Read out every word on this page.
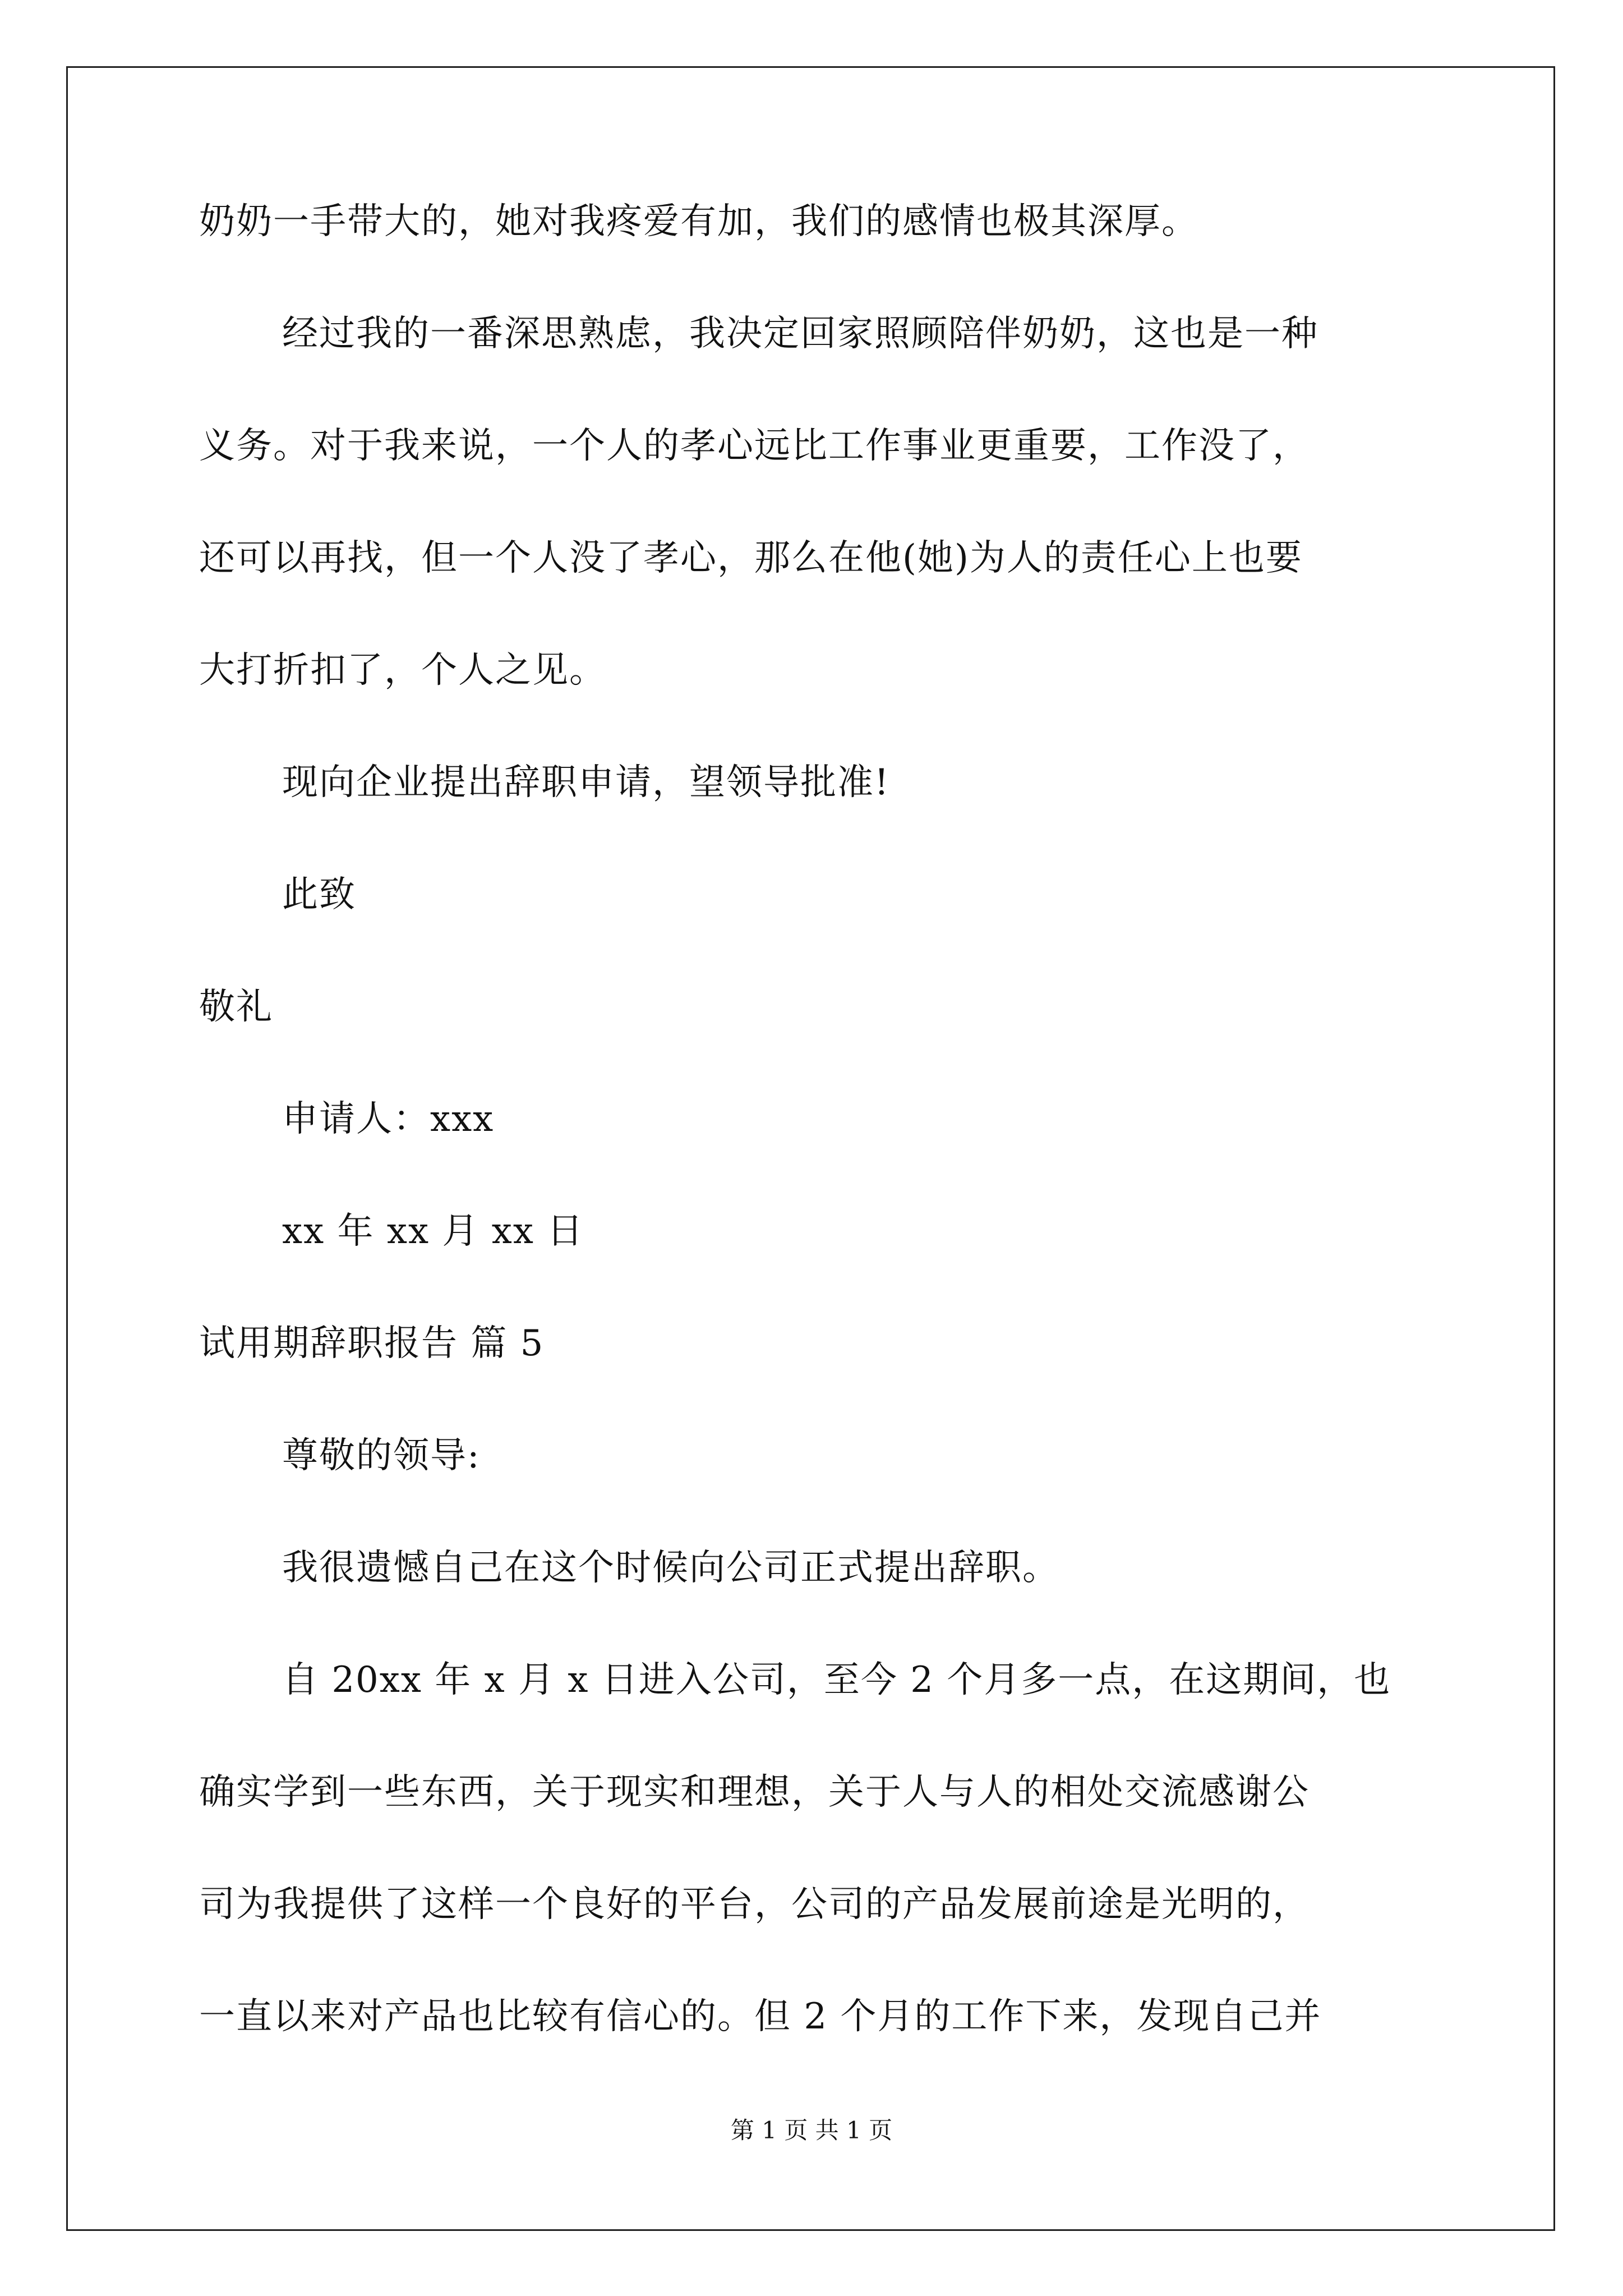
奶奶一手带大的，她对我疼爱有加，我们的感情也极其深厚。
经过我的一番深思熟虑，我决定回家照顾陪伴奶奶，这也是一种
义务。对于我来说，一个人的孝心远比工作事业更重要，工作没了，
还可以再找，但一个人没了孝心，那么在他(她)为人的责任心上也要
大打折扣了，个人之见。
现向企业提出辞职申请，望领导批准!
此致
敬礼
申请人：xxx
xx 年 xx 月 xx 日
试用期辞职报告 篇 5
尊敬的领导:
我很遗憾自己在这个时候向公司正式提出辞职。
自 20xx 年 x 月 x 日进入公司，至今 2 个月多一点，在这期间，也
确实学到一些东西，关于现实和理想，关于人与人的相处交流感谢公
司为我提供了这样一个良好的平台，公司的产品发展前途是光明的，
一直以来对产品也比较有信心的。但 2 个月的工作下来，发现自己并
第 1 页 共 1 页
